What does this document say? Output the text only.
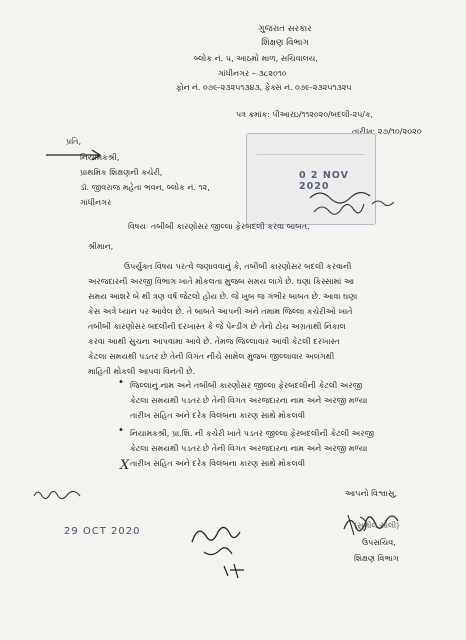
ગુજરાત સરકાર
શિક્ષણ વિભાગ
બ્લોક નં. ૫, આઠમો માળ, સચિવાલય,
ગાંધીનગર – ૩૮૨૦૧૦
ફોન નં. ૦૭૯-૨૩૨૫૧૩૪૩, ફેક્સ નં. ૦૭૯-૨૩૨૫૧૩૨૫
પત્ર ક્રમાંક: પીઆરઇ/૧૧૨૦૨૦/બદલી-૨૫/ક,
તારીખ: ૨૭/૧૦/૨૦૨૦
0 2 NOV 2020
પ્રતિ,
નિયામકશ્રી,
પ્રાથમિક શિક્ષણની કચેરી,
ડૉ. જીવરાજ મહેતા ભવન, બ્લોક નં. ૧૨,
ગાંધીનગર
વિષયઃ તબીબી કારણોસર જીલ્લા ફેરબદલી કરવા બાબત.
શ્રીમાન,
ઉપર્યુક્ત વિષય પરત્વે જણાવવાનું કે, તબીબી કારણોસર બદલી કરવાની
અરજદારની અરજી વિભાગ ખાતે મોકલતા મુજબ સમય લાગે છે. ઘણા કિસ્સામાં આ
સમય આશરે બે થી ત્રણ વર્ષ જેટલો હોય છે. જે ખુબ જ ગંભીર બાબત છે. આવા ઘણા
કેસ અત્રે ધ્યાન પર આવેલ છે. તે બાબતે આપની અને તમામ જિલ્લા કચેરીઓ ખાતે
તબીબી કારણોસર બદલીની દરખાસ્ત કે જે પેન્ડીંગ છે તેનો ટોચ અગ્રતાથી નિકાલ
કરવા આથી સુચના આપવામા આવે છે. તેમજ જિલ્લાવાર આવી કેટલી દરખાસ્ત
કેટલા સમયથી પડતર છે તેની વિગત નીચે સામેલ મુજબ જીલ્લાવાર અલગથી
માહિતી મોકલી આપવા વિનંતી છે.
• જિલ્લાનુ નામ અને તબીબી કારણોસર જીલ્લા ફેરબદલીની કેટલી અરજી
કેટલા સમયથી પડતર છે તેની વિગત અરજદારના નામ અને અરજી મળ્યા
તારીખ સહિત અને દરેક વિલંબના કારણ સાથે મોકલવી
• નિયામકશ્રી, પ્રા.શિ. ની કચેરી ખાતે પડતર જીલ્લા ફેરબદલીની કેટલી અરજી
કેટલા સમયથી પડતર છે તેની વિગત અરજદારના નામ અને અરજી મળ્યા
તારીખ સહિત અને દરેક વિલંબના કારણ સાથે મોકલવી
X
આપનો વિશ્વાસુ,
(સુનીલ સોલી)
ઉપસચિવ,
શિક્ષણ વિભાગ
29 OCT 2020
